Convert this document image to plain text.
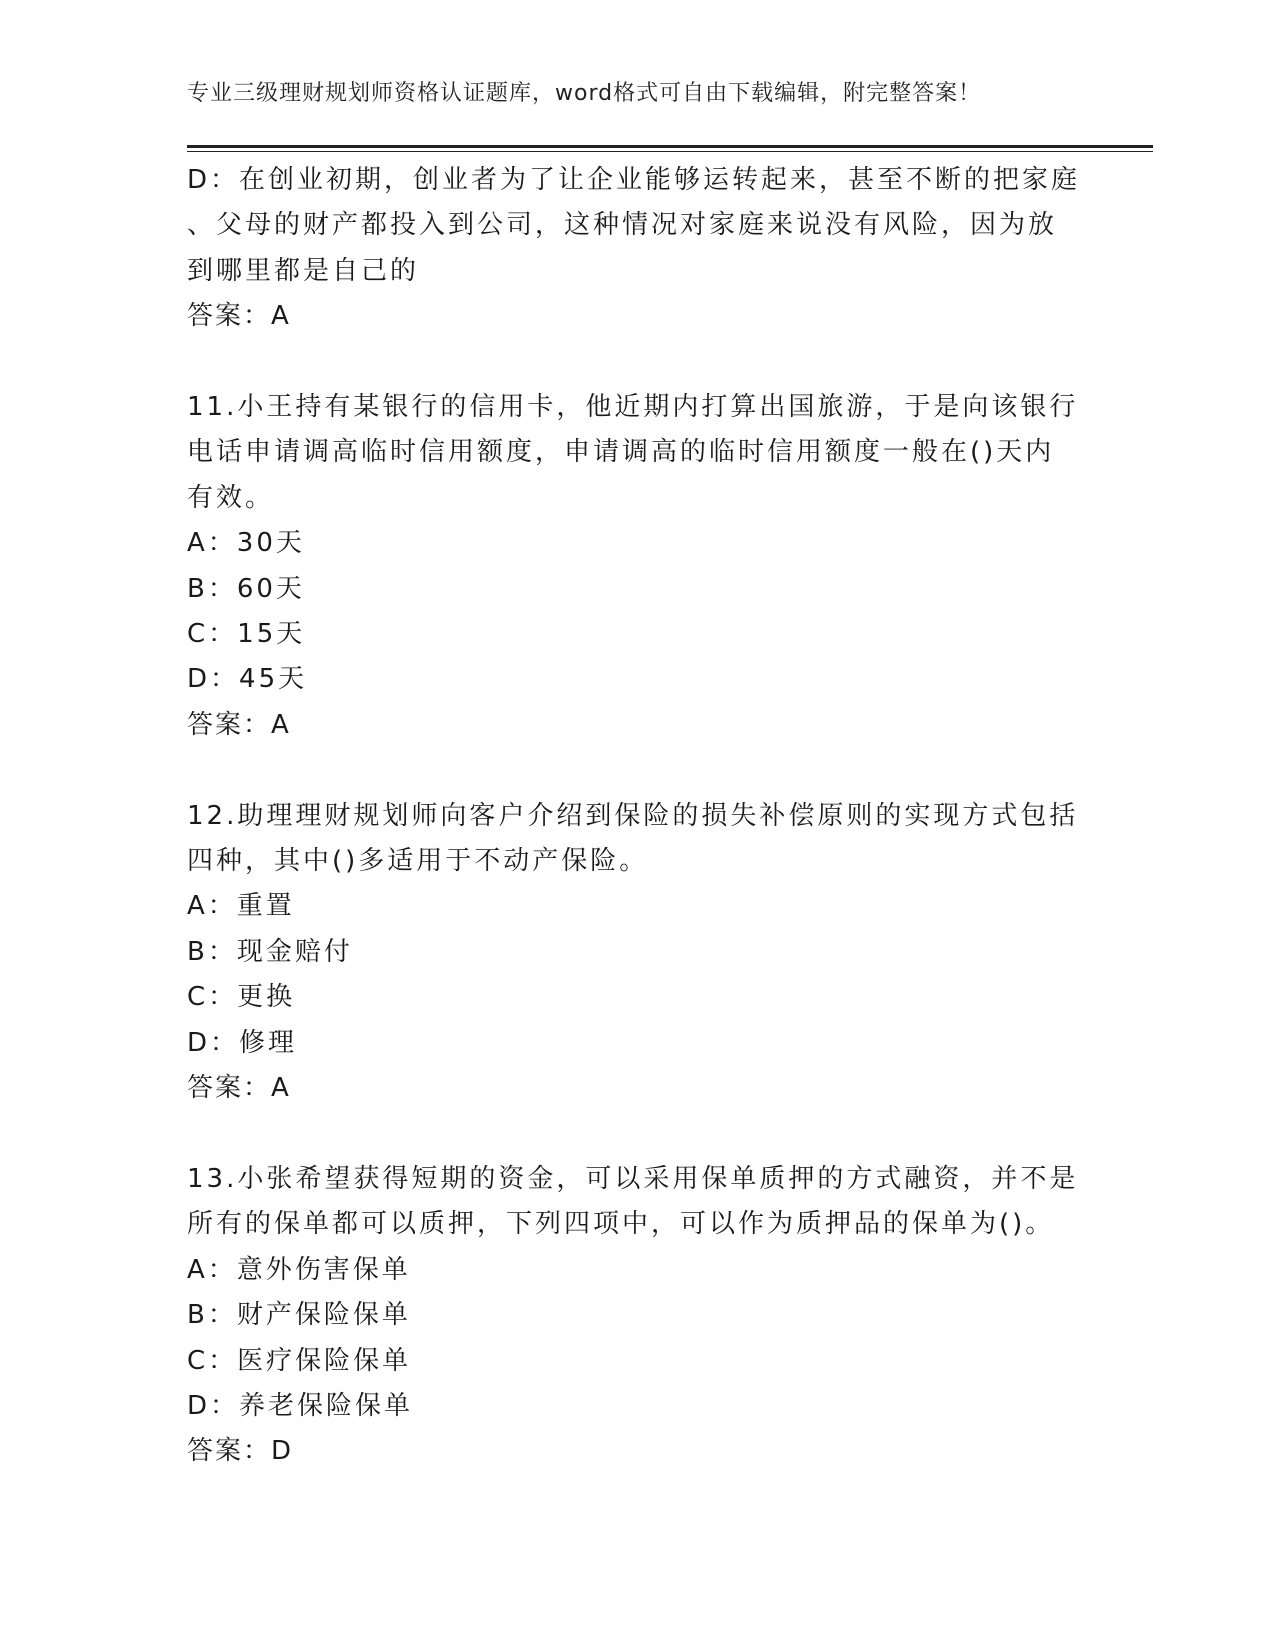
专业三级理财规划师资格认证题库，word格式可自由下载编辑，附完整答案！
D：在创业初期，创业者为了让企业能够运转起来，甚至不断的把家庭
、父母的财产都投入到公司，这种情况对家庭来说没有风险，因为放
到哪里都是自己的
答案：A
11.小王持有某银行的信用卡，他近期内打算出国旅游，于是向该银行
电话申请调高临时信用额度，申请调高的临时信用额度一般在()天内
有效。
A：30天
B：60天
C：15天
D：45天
答案：A
12.助理理财规划师向客户介绍到保险的损失补偿原则的实现方式包括
四种，其中()多适用于不动产保险。
A：重置
B：现金赔付
C：更换
D：修理
答案：A
13.小张希望获得短期的资金，可以采用保单质押的方式融资，并不是
所有的保单都可以质押，下列四项中，可以作为质押品的保单为()。
A：意外伤害保单
B：财产保险保单
C：医疗保险保单
D：养老保险保单
答案：D
